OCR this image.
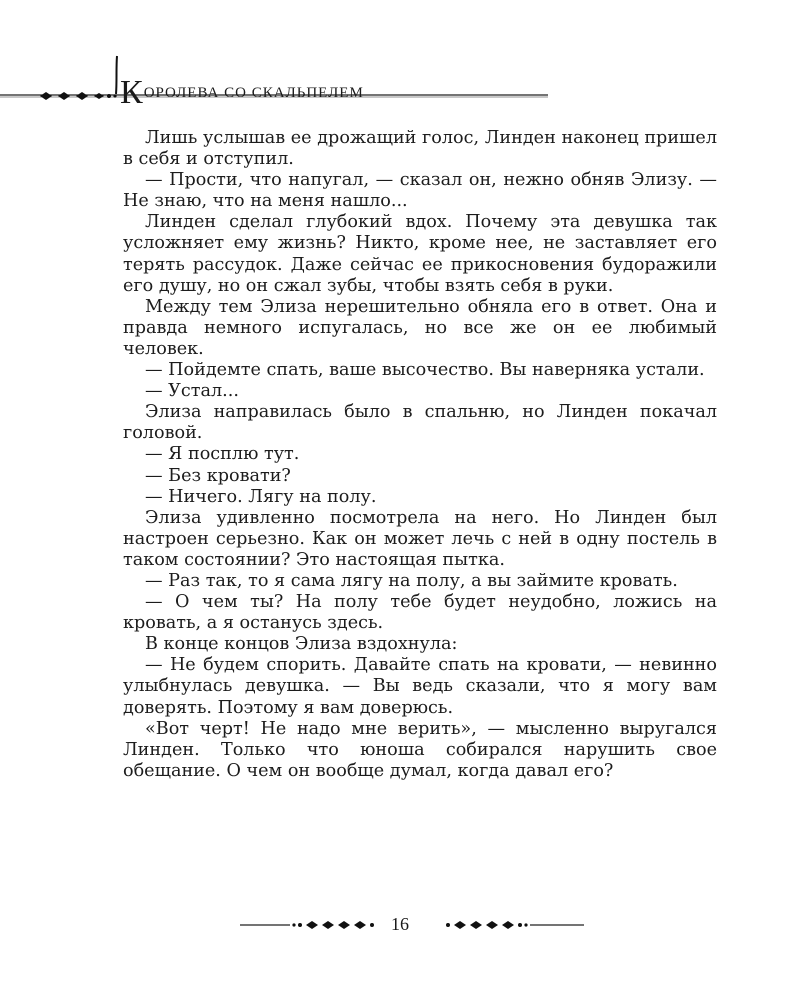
КОРОЛЕВА СО СКАЛЬПЕЛЕМ

Лишь услышав ее дрожащий голос, Линден наконец пришел в себя и отступил.

— Прости, что напугал, — сказал он, нежно обняв Элизу. — Не знаю, что на меня нашло...

Линден сделал глубокий вдох. Почему эта девушка так усложняет ему жизнь? Никто, кроме нее, не заставляет его терять рассудок. Даже сейчас ее прикосновения будоражили его душу, но он сжал зубы, чтобы взять себя в руки.

Между тем Элиза нерешительно обняла его в ответ. Она и правда немного испугалась, но все же он ее любимый человек.

— Пойдемте спать, ваше высочество. Вы наверняка устали.

— Устал...

Элиза направилась было в спальню, но Линден покачал головой.

— Я посплю тут.

— Без кровати?

— Ничего. Лягу на полу.

Элиза удивленно посмотрела на него. Но Линден был настроен серьезно. Как он может лечь с ней в одну постель в таком состоянии? Это настоящая пытка.

— Раз так, то я сама лягу на полу, а вы займите кровать.

— О чем ты? На полу тебе будет неудобно, ложись на кровать, а я останусь здесь.

В конце концов Элиза вздохнула:

— Не будем спорить. Давайте спать на кровати, — невинно улыбнулась девушка. — Вы ведь сказали, что я могу вам доверять. Поэтому я вам доверюсь.

«Вот черт! Не надо мне верить», — мысленно выругался Линден. Только что юноша собирался нарушить свое обещание. О чем он вообще думал, когда давал его?

16
